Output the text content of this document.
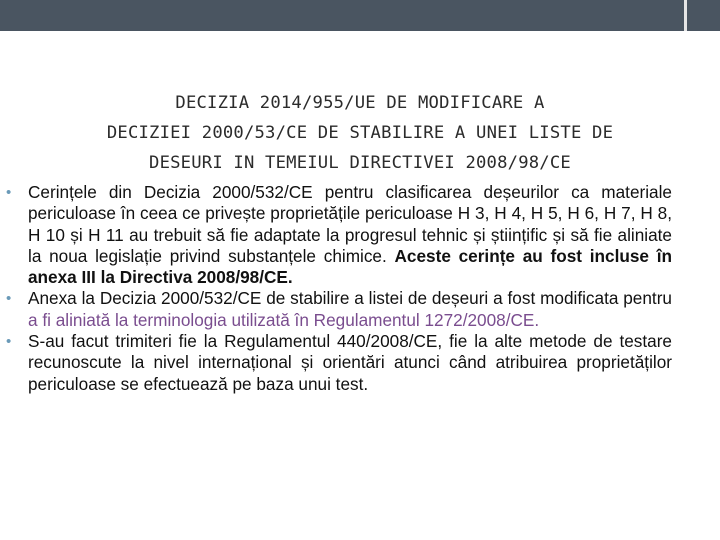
DECIZIA 2014/955/UE DE MODIFICARE A
DECIZIEI 2000/53/CE DE STABILIRE A UNEI LISTE DE
DESEURI IN TEMEIUL DIRECTIVEI 2008/98/CE
• Cerințele din Decizia 2000/532/CE pentru clasificarea deșeurilor ca materiale periculoase în ceea ce privește proprietățile periculoase H 3, H 4, H 5, H 6, H 7, H 8, H 10 și H 11 au trebuit să fie adaptate la progresul tehnic și științific și să fie aliniate la noua legislație privind substanțele chimice. Aceste cerințe au fost incluse în anexa III la Directiva 2008/98/CE.
• Anexa la Decizia 2000/532/CE de stabilire a listei de deșeuri a fost modificata pentru a fi aliniată la terminologia utilizată în Regulamentul 1272/2008/CE.
• S-au facut trimiteri fie la Regulamentul 440/2008/CE, fie la alte metode de testare recunoscute la nivel internațional și orientări atunci când atribuirea proprietăților periculoase se efectuează pe baza unui test.
